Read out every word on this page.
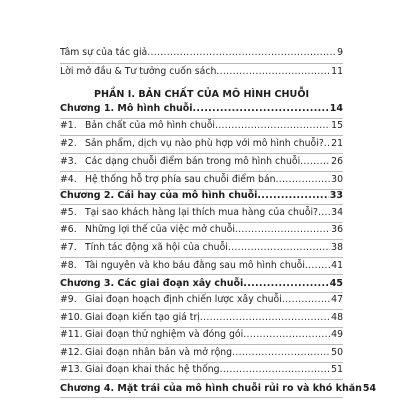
Tâm sự của tác giả .....	9
Lời mở đầu & Tư tưởng cuốn sách .....	11
PHẦN I. BẢN CHẤT CỦA MÔ HÌNH CHUỖI
Chương 1. Mô hình chuỗi .....	14
#1. Bản chất của mô hình chuỗi .....	15
#2. Sản phẩm, dịch vụ nào phù hợp với mô hình chuỗi? ..... 21
#3. Các dạng chuỗi điểm bán trong mô hình chuỗi .....	26
#4. Hệ thống hỗ trợ phía sau chuỗi điểm bán .....	30
Chương 2. Cái hay của mô hình chuỗi .....	33
#5. Tại sao khách hàng lại thích mua hàng của chuỗi? ..... 34
#6. Những lợi thế của việc mở chuỗi .....	36
#7. Tính tác động xã hội của chuỗi .....	38
#8. Tài nguyên và kho báu đằng sau mô hình chuỗi .....	41
Chương 3. Các giai đoạn xây chuỗi .....	45
#9. Giai đoạn hoạch định chiến lược xây chuỗi .....	47
#10. Giai đoạn kiến tạo giá trị .....	48
#11. Giai đoạn thử nghiệm và đóng gói .....	49
#12. Giai đoạn nhân bản và mở rộng .....	50
#13. Giai đoạn khai thác hệ thống .....	51
Chương 4. Mặt trái của mô hình chuỗi rủi ro và khó khăn 54
